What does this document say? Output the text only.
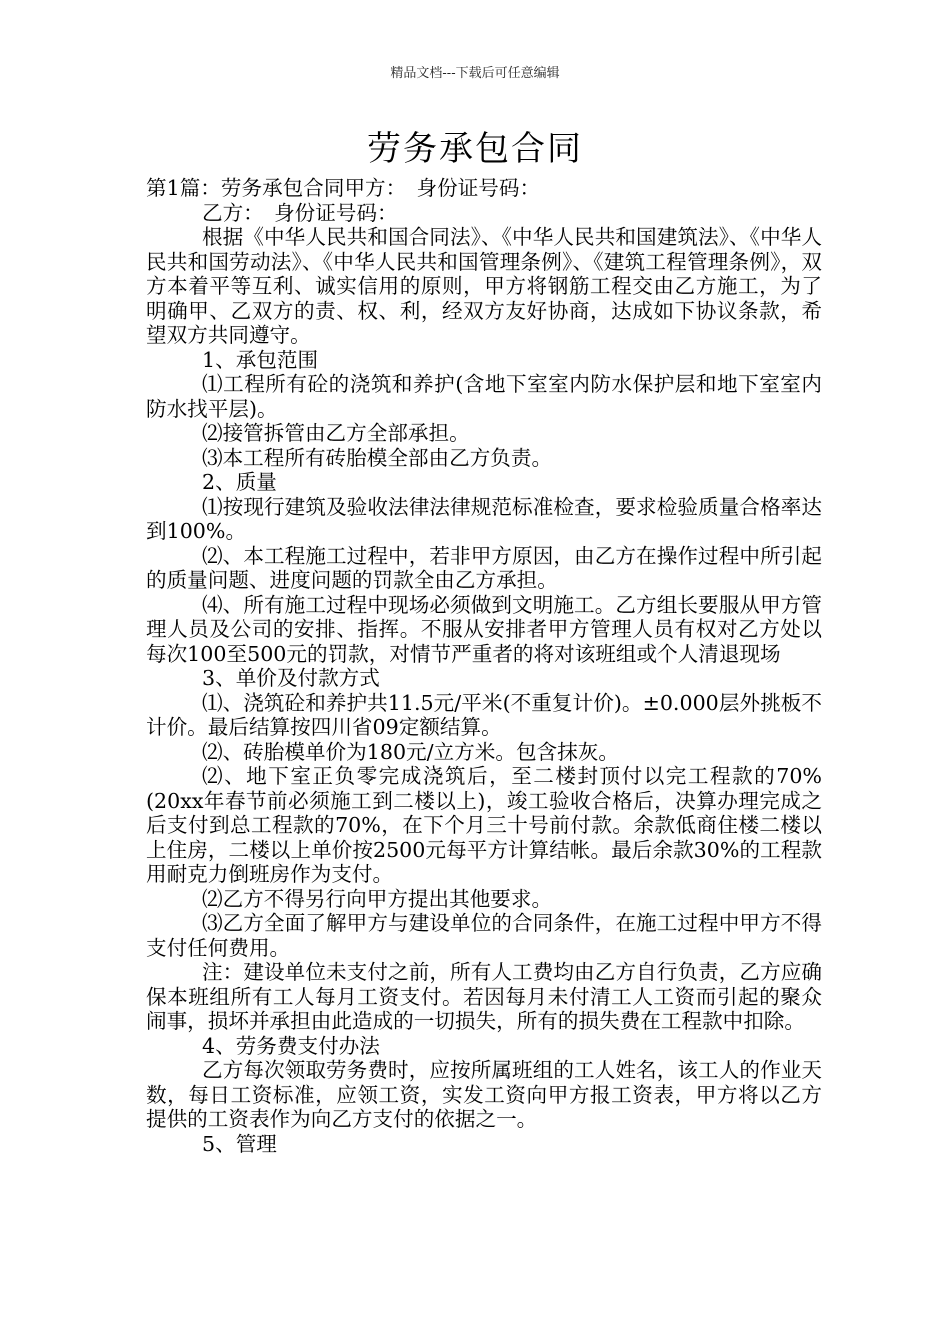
精品文档---下载后可任意编辑
劳务承包合同

第1篇：劳务承包合同甲方：　身份证号码：

乙方：　身份证号码：

根据《中华人民共和国合同法》、《中华人民共和国建筑法》、《中华人民共和国劳动法》、《中华人民共和国管理条例》、《建筑工程管理条例》，双方本着平等互利、诚实信用的原则，甲方将钢筋工程交由乙方施工，为了明确甲、乙双方的责、权、利，经双方友好协商，达成如下协议条款，希望双方共同遵守。

1、承包范围

⑴工程所有砼的浇筑和养护(含地下室室内防水保护层和地下室室内防水找平层)。

⑵接管拆管由乙方全部承担。

⑶本工程所有砖胎模全部由乙方负责。

2、质量

⑴按现行建筑及验收法律法律规范标准检查，要求检验质量合格率达到100%。

⑵、本工程施工过程中，若非甲方原因，由乙方在操作过程中所引起的质量问题、进度问题的罚款全由乙方承担。

⑷、所有施工过程中现场必须做到文明施工。乙方组长要服从甲方管理人员及公司的安排、指挥。不服从安排者甲方管理人员有权对乙方处以每次100至500元的罚款，对情节严重者的将对该班组或个人清退现场

3、单价及付款方式

⑴、浇筑砼和养护共11.5元/平米(不重复计价)。±0.000层外挑板不计价。最后结算按四川省09定额结算。

⑵、砖胎模单价为180元/立方米。包含抹灰。

⑵、地下室正负零完成浇筑后，至二楼封顶付以完工程款的70%(20xx年春节前必须施工到二楼以上)，竣工验收合格后，决算办理完成之后支付到总工程款的70%，在下个月三十号前付款。余款低商住楼二楼以上住房，二楼以上单价按2500元每平方计算结帐。最后余款30%的工程款用耐克力倒班房作为支付。

⑵乙方不得另行向甲方提出其他要求。

⑶乙方全面了解甲方与建设单位的合同条件，在施工过程中甲方不得支付任何费用。

注：建设单位未支付之前，所有人工费均由乙方自行负责，乙方应确保本班组所有工人每月工资支付。若因每月未付清工人工资而引起的聚众闹事，损坏并承担由此造成的一切损失，所有的损失费在工程款中扣除。

4、劳务费支付办法

乙方每次领取劳务费时，应按所属班组的工人姓名，该工人的作业天数，每日工资标准，应领工资，实发工资向甲方报工资表，甲方将以乙方提供的工资表作为向乙方支付的依据之一。

5、管理
